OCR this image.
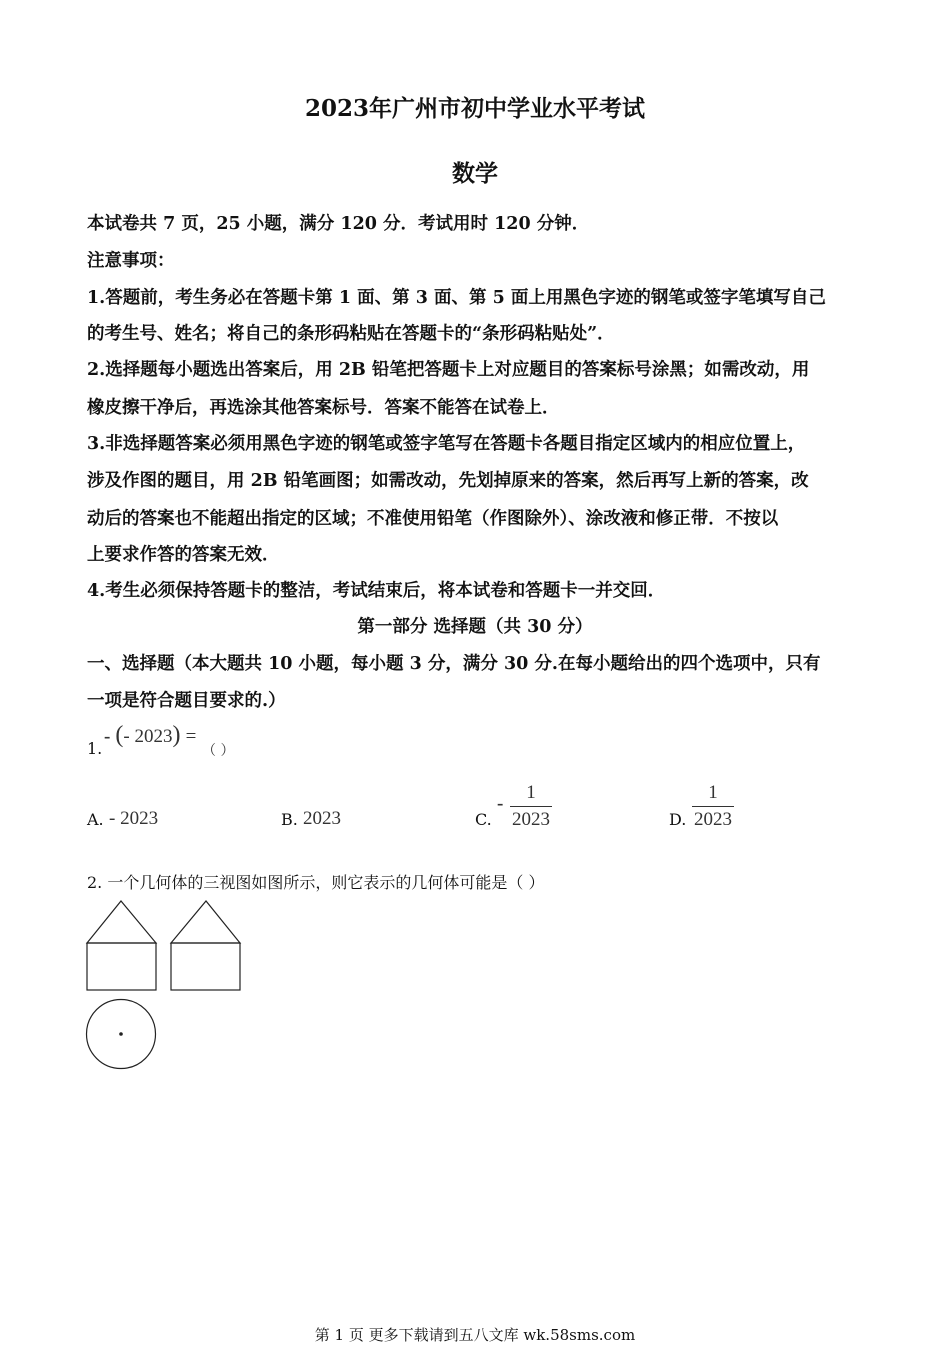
2023年广州市初中学业水平考试
数学
本试卷共 7 页，25 小题，满分 120 分．考试用时 120 分钟．
注意事项：
1.答题前，考生务必在答题卡第 1 面、第 3 面、第 5 面上用黑色字迹的钢笔或签字笔填写自己
的考生号、姓名；将自己的条形码粘贴在答题卡的“条形码粘贴处”．
2.选择题每小题选出答案后，用 2B 铅笔把答题卡上对应题目的答案标号涂黑；如需改动，用
橡皮擦干净后，再选涂其他答案标号．答案不能答在试卷上．
3.非选择题答案必须用黑色字迹的钢笔或签字笔写在答题卡各题目指定区域内的相应位置上，
涉及作图的题目，用 2B 铅笔画图；如需改动，先划掉原来的答案，然后再写上新的答案，改
动后的答案也不能超出指定的区域；不准使用铅笔（作图除外）、涂改液和修正带．不按以
上要求作答的答案无效．
4.考生必须保持答题卡的整洁，考试结束后，将本试卷和答题卡一并交回．
第一部分 选择题（共 30 分）
一、选择题（本大题共 10 小题，每小题 3 分，满分 30 分.在每小题给出的四个选项中，只有
一项是符合题目要求的.）
1.
- (- 2023) =
（ ）
A. - 2023	B. 2023	C.
-
1
2023	D.
1
2023
2. 一个几何体的三视图如图所示，则它表示的几何体可能是（ ）
第 1 页 更多下载请到五八文库 wk.58sms.com
